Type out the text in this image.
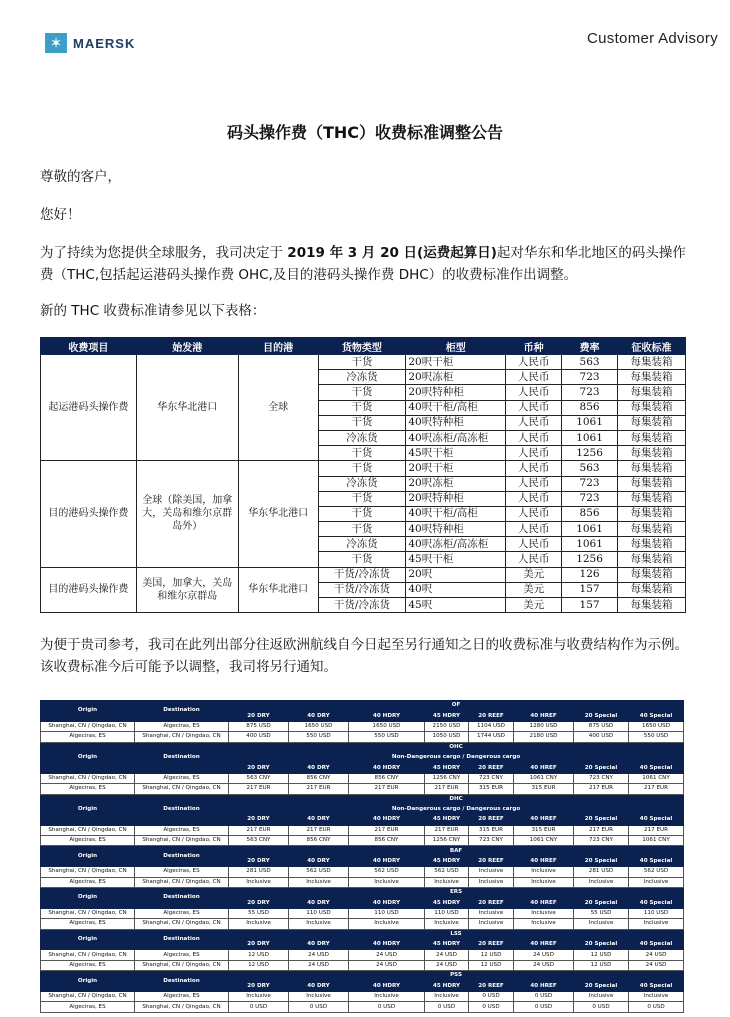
✶ MAERSK	Customer Advisory
码头操作费（THC）收费标准调整公告
尊敬的客户，
您好！
为了持续为您提供全球服务，我司决定于 2019 年 3 月 20 日(运费起算日)起对华东和华北地区的码头操作费（THC,包括起运港码头操作费 OHC,及目的港码头操作费 DHC）的收费标准作出调整。
新的 THC 收费标准请参见以下表格：
收费项目	始发港	目的港	货物类型	柜型	币种	费率	征收标准
起运港码头操作费	华东华北港口	全球	干货	20呎干柜	人民币	563	每集装箱
			冷冻货	20呎冻柜	人民币	723	每集装箱
			干货	20呎特种柜	人民币	723	每集装箱
			干货	40呎干柜/高柜	人民币	856	每集装箱
			干货	40呎特种柜	人民币	1061	每集装箱
			冷冻货	40呎冻柜/高冻柜	人民币	1061	每集装箱
			干货	45呎干柜	人民币	1256	每集装箱
目的港码头操作费	全球（除美国，加拿大，关岛和维尔京群岛外）	华东华北港口	干货	20呎干柜	人民币	563	每集装箱
			冷冻货	20呎冻柜	人民币	723	每集装箱
			干货	20呎特种柜	人民币	723	每集装箱
			干货	40呎干柜/高柜	人民币	856	每集装箱
			干货	40呎特种柜	人民币	1061	每集装箱
			冷冻货	40呎冻柜/高冻柜	人民币	1061	每集装箱
			干货	45呎干柜	人民币	1256	每集装箱
目的港码头操作费	美国，加拿大，关岛和维尔京群岛	华东华北港口	干货/冷冻货	20呎	美元	126	每集装箱
			干货/冷冻货	40呎	美元	157	每集装箱
			干货/冷冻货	45呎	美元	157	每集装箱
为便于贵司参考，我司在此列出部分往返欧洲航线自今日起至另行通知之日的收费标准与收费结构作为示例。该收费标准今后可能予以调整，我司将另行通知。
Origin	Destination	OF							
		20 DRY	40 DRY	40 HDRY	45 HDRY	20 REEF	40 HREF	20 Special	40 Special
Shanghai, CN / Qingdao, CN	Algeciras, ES	875 USD	1650 USD	1650 USD	2150 USD	1104 USD	1280 USD	875 USD	1650 USD
Algeciras, ES	Shanghai, CN / Qingdao, CN	400 USD	550 USD	550 USD	1050 USD	1744 USD	2180 USD	400 USD	550 USD
Origin	Destination	OHC							
		Non-Dangerous cargo / Dangerous cargo							
		20 DRY	40 DRY	40 HDRY	45 HDRY	20 REEF	40 HREF	20 Special	40 Special
Shanghai, CN / Qingdao, CN	Algeciras, ES	563 CNY	856 CNY	856 CNY	1256 CNY	723 CNY	1061 CNY	723 CNY	1061 CNY
Algeciras, ES	Shanghai, CN / Qingdao, CN	217 EUR	217 EUR	217 EUR	217 EUR	315 EUR	315 EUR	217 EUR	217 EUR
Origin	Destination	DHC							
		Non-Dangerous cargo / Dangerous cargo							
		20 DRY	40 DRY	40 HDRY	45 HDRY	20 REEF	40 HREF	20 Special	40 Special
Shanghai, CN / Qingdao, CN	Algeciras, ES	217 EUR	217 EUR	217 EUR	217 EUR	315 EUR	315 EUR	217 EUR	217 EUR
Algeciras, ES	Shanghai, CN / Qingdao, CN	563 CNY	856 CNY	856 CNY	1256 CNY	723 CNY	1061 CNY	723 CNY	1061 CNY
Origin	Destination	BAF							
		20 DRY	40 DRY	40 HDRY	45 HDRY	20 REEF	40 HREF	20 Special	40 Special
Shanghai, CN / Qingdao, CN	Algeciras, ES	281 USD	562 USD	562 USD	562 USD	Inclusive	Inclusive	281 USD	562 USD
Algeciras, ES	Shanghai, CN / Qingdao, CN	Inclusive	Inclusive	Inclusive	Inclusive	Inclusive	Inclusive	Inclusive	Inclusive
Origin	Destination	ERS							
		20 DRY	40 DRY	40 HDRY	45 HDRY	20 REEF	40 HREF	20 Special	40 Special
Shanghai, CN / Qingdao, CN	Algeciras, ES	55 USD	110 USD	110 USD	110 USD	Inclusive	Inclusive	55 USD	110 USD
Algeciras, ES	Shanghai, CN / Qingdao, CN	Inclusive	Inclusive	Inclusive	Inclusive	Inclusive	Inclusive	Inclusive	Inclusive
Origin	Destination	LSS							
		20 DRY	40 DRY	40 HDRY	45 HDRY	20 REEF	40 HREF	20 Special	40 Special
Shanghai, CN / Qingdao, CN	Algeciras, ES	12 USD	24 USD	24 USD	24 USD	12 USD	24 USD	12 USD	24 USD
Algeciras, ES	Shanghai, CN / Qingdao, CN	12 USD	24 USD	24 USD	24 USD	12 USD	24 USD	12 USD	24 USD
Origin	Destination	PSS							
		20 DRY	40 DRY	40 HDRY	45 HDRY	20 REEF	40 HREF	20 Special	40 Special
Shanghai, CN / Qingdao, CN	Algeciras, ES	Inclusive	Inclusive	Inclusive	Inclusive	0 USD	0 USD	Inclusive	Inclusive
Algeciras, ES	Shanghai, CN / Qingdao, CN	0 USD	0 USD	0 USD	0 USD	0 USD	0 USD	0 USD	0 USD
